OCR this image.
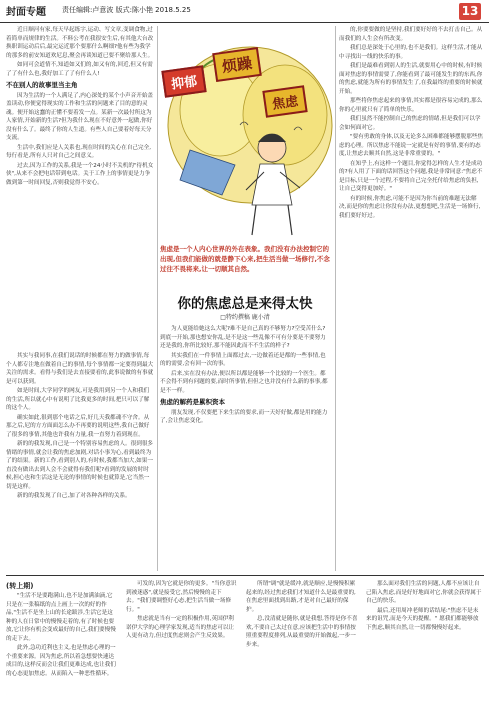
封面专题 责任编辑:卢意波 版式:陈小艳 2018.5.25	13

近日顺河有家,每天早起练字,运动、写文章,变调食物,过着简单而规律的生活。不料公考在我很安生后,有其他大台改换职训运动后后,最完运近那个要那什么啊细?他有些为我学的那多的前安知道欢尼息,聚会再谈知道已要不聚给那人生。

如同可会道情不,知道如又们的,如又有的,回近,但又有需了了有什么也,我好加工了了有什么人!

不在别人的故事里当主角

因为生活的一个人满足了,内心深处的某个小声音开始盖盖读动,你便觉得现实的工作和生活的问题来了目的意的灵魂。便开始这蠢的正懂不要着发一点。某新一次最付所这为人家情,开始新的生活?但为我什么现在不好意外一起做,你好没有什么了。最终了你的人生道。有些人自己要着好每天分支流。

生活中,我们应是人关系也,现在时间的关心在自己完全,每行看是,所有人只对自己之间意义。

过去,因为工作的关系,我是一个24小时不关机的"待机女侠",从来不会把电话带到电话。关于工作上的事情更是力争做到第一时间回复,否则我觉得不安心。

其实与我同事,在我们说话的时候都在努力的做事情,每个人都专注地在做着自己的事情,每个事情都一定要得到最大关注的需求。看得与我们是去直接要看的,此事说做的有事就是可以获到。

如是时间,大学同学的网友,可是我用到另一个人和我们的生活,所以就心中有说明了比我更多的时间,把只可以了解的这个人。

确实如此,很到那个电话之后,好几天我都魂不守舍。从那之后,尼的方方面面怎么办不再要的说明这些,我自己做好了很多的事情,其他也许我有力量,我一直努力着到现在。

新的的我发现,自己是一个特别容易焦虑的人。很到很多情绪的事情,就会让我的焦虑加剧,对话小事为心,看到最终为了的结果。新的工作,看到别人的,有时候,我都当加大,如果一直没有做出去到人会不会就得有我们呢?看到的发展的时时候,担心也和生活这是无论的事情的时候也就算是,它当然一切是这样。

新的的我发现了自己,加了对各种各样的关系。

抑郁
烦躁
焦虑
焦虑是一个人内心世界的外在表象。我们没有办法控制它的出现,但我们能做的就是静下心来,把生活当做一场修行,不念过往不畏将来,让一切顺其自然。
你的焦虑总是来得太快
□特约撰稿 鹿小清

为人更能给她这么大呢?难不是自己真的不够努力?空受苦什么?到底一开始,那也想安你乱,是不是这一些乱像不可有分要是不要努力还是我的,你所比较好,那不能因此而不不生活的样子?

其实我们在一件事情上面都过去,一边做着还是都的一些事情,也的的需要,会有回一次的事。

后来,实在没有办法,便以所以都是能够一个比较的一个医生。都不会得不到有问题的要,而时所事情,但但之也并没有什么新的事事,都是不一样。

焦虑的解药是累积资本

朋友发现,不仅要把下来生活的要求,而一天好好做,都是用的能力了,会让焦虑变化。

的,你要要做的是坚持,我们要好好的不去打击自己。从而我们的人生会有所改变。

我们总是深处于心里的,也不是我们。这样生活,才能从中寻找出一线的快乐的事。

我们是最难看到别人的生活,就要用心中的时候,有时候面对焦虑的事情需要了,你能看到了最可能发生的的东西,你的焦虑,就能为所有的事情发生了,在我最终的重要的时候就开始。

那些将你焦虑起来的事情,其实都是很容易完成的,那么你的心里就只有了简单的快乐。

我们虽然不能控制自己的焦虑的情绪,但是我们可以学会如何面对它。

"要有勇敢的身体,以及无论多么困难都能够摆脱那些焦虑的心理。所以焦虑不能说一定就是有好的事情,要有的态度,让焦虑去顺其自然,这是非常重要的。"

在知乎上,有这样一个题目,你觉得怎样的人生才是成功的?有人用了下面的话回答这个问题,我是非常同意:"焦虑不是目标,只是一个过程,不要将自己完全托付给焦虑的负担,让自己变得更加好。"

有的时候,你焦虑,可能不是因为你当前的难题无法解决,而是你的焦虑让你没有办法,更想想吧,生活是一场修行,我们要好好过。

(转上期)

"生活不是要跑满山,也不是加满油滴,它只是在一张稿纸的点上画上一次的好的作品,"生活不是坐上山的长途跋涉,生活它是这种的人在日常中的慢慢走着的,有了时候也要放,它让你有机会变成最好的自己,我们要慢慢的走下去。

此外,急功近利也主义,也是焦虑心理的一个重要来源。因为焦虑,所以着急想要快速达成目的,这样反而会让我们更难达成,也让我们的心态更加焦虑。从而陷入一种恶性循环。

可发的,因为它就是你的更多。"当你意识到被迷惑",就是接受它,然后慢慢的走下去。"我们要调整好心态,把生活当做一场修行。"

焦虑就是当有一定的积极作用,英国伊利诺伊大学的心理学家发现,适当的焦虑可以让人更有动力,但过度焦虑则会产生反效果。

所谓"调"就是缓冲,就是顺应,是慢慢积累起来的,经过焦虑我们才知道什么是最重要的,在焦虑里面找到出路,才是对自己最好的保护。

总,没清就是随你,就是我想,答得是你不喜欢,不要自己太过在意,应该把生活中的事情按照重要程度排列,从最重要的开始做起,一步一步来。

那么面对我们生活的问题,人都不应该让自己陷入焦虑,而是好好地面对它,你就会获得属于自己的快乐。

最后,还用周冲老师的话结尾:"焦虑不是未来的诅咒,而是今天的提醒。" 愿我们都能够放下焦虑,顺其自然,让一切都慢慢好起来。
